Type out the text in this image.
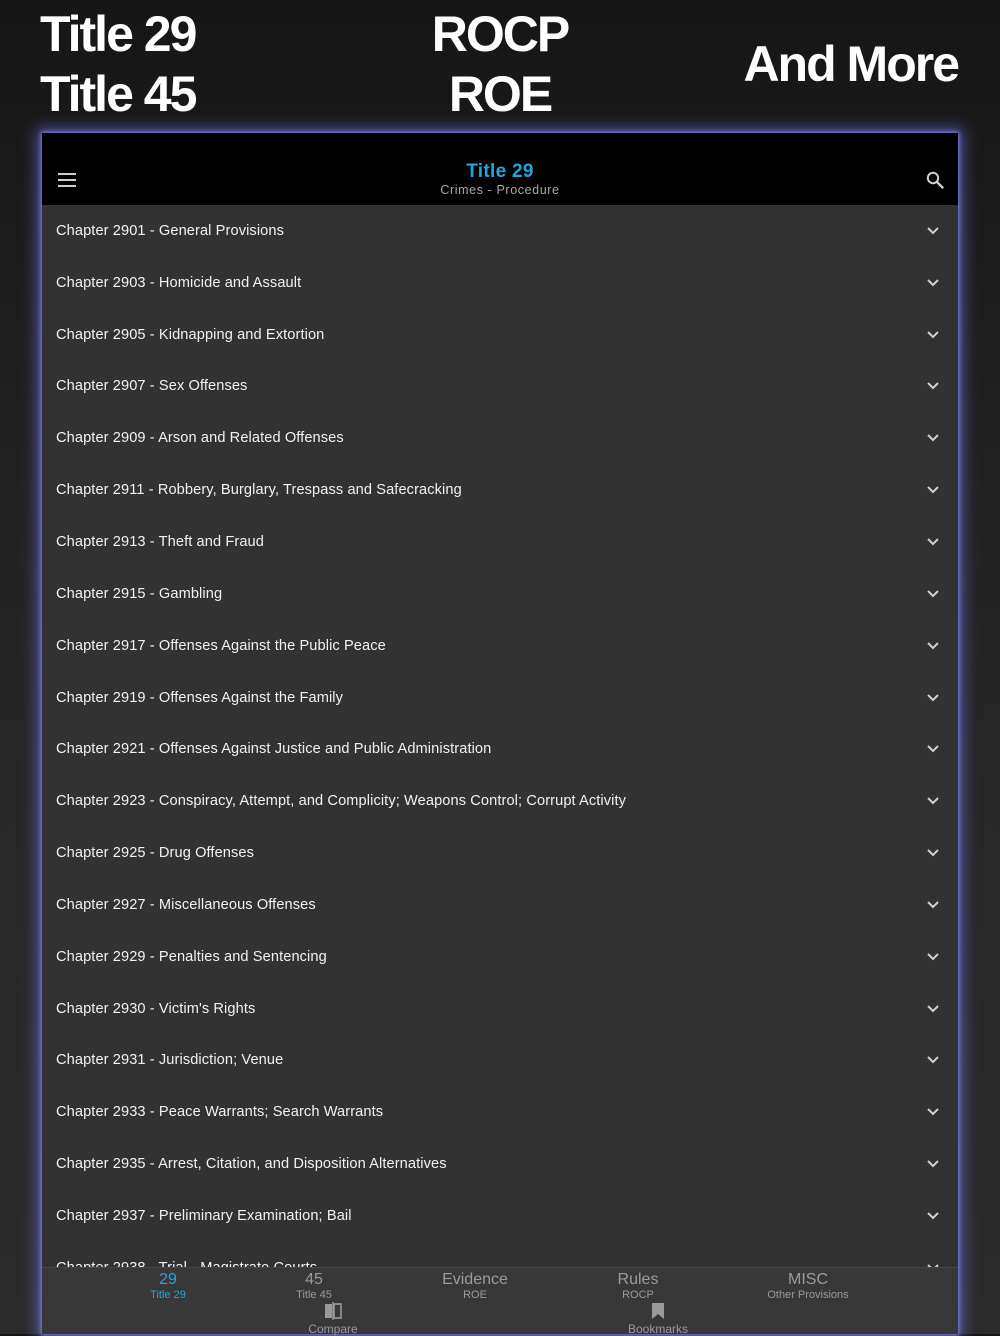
Title 29
Title 45
ROCP
ROE
And More
Title 29
Crimes - Procedure
Chapter 2901 - General Provisions
Chapter 2903 - Homicide and Assault
Chapter 2905 - Kidnapping and Extortion
Chapter 2907 - Sex Offenses
Chapter 2909 - Arson and Related Offenses
Chapter 2911 - Robbery, Burglary, Trespass and Safecracking
Chapter 2913 - Theft and Fraud
Chapter 2915 - Gambling
Chapter 2917 - Offenses Against the Public Peace
Chapter 2919 - Offenses Against the Family
Chapter 2921 - Offenses Against Justice and Public Administration
Chapter 2923 - Conspiracy, Attempt, and Complicity; Weapons Control; Corrupt Activity
Chapter 2925 - Drug Offenses
Chapter 2927 - Miscellaneous Offenses
Chapter 2929 - Penalties and Sentencing
Chapter 2930 - Victim's Rights
Chapter 2931 - Jurisdiction; Venue
Chapter 2933 - Peace Warrants; Search Warrants
Chapter 2935 - Arrest, Citation, and Disposition Alternatives
Chapter 2937 - Preliminary Examination; Bail
Compare	Bookmarks
29
Title 29
45
Title 45
Evidence
ROE
Rules
ROCP
MISC
Other Provisions
